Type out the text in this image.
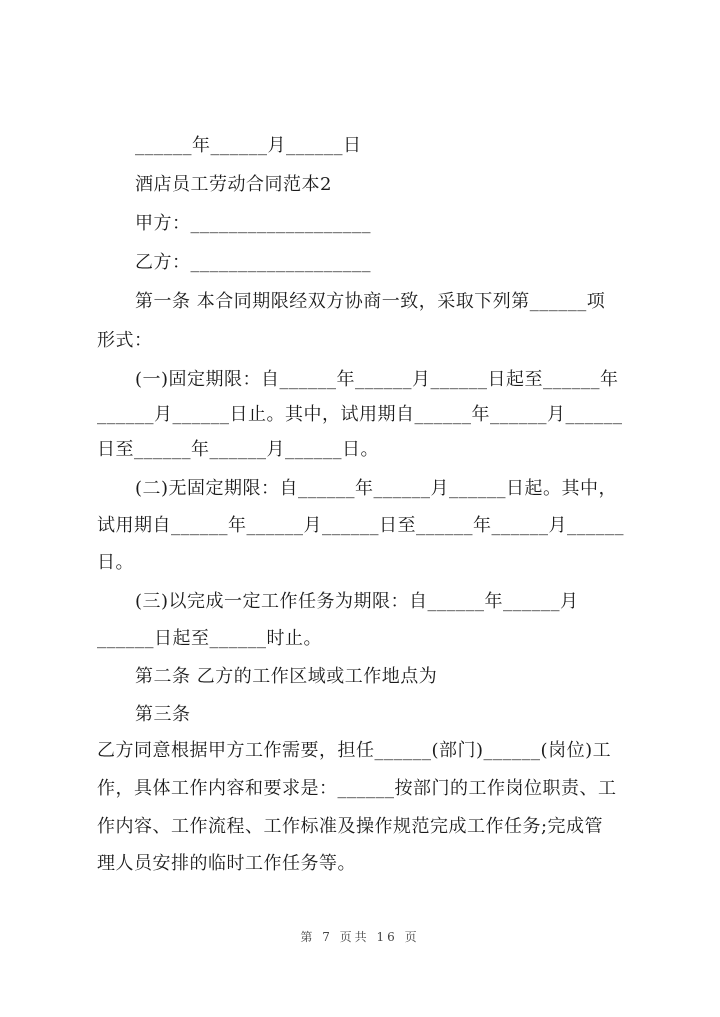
______年______月______日
酒店员工劳动合同范本2
甲方：___________________
乙方：___________________
第一条 本合同期限经双方协商一致，采取下列第______项
形式：
(一)固定期限：自______年______月______日起至______年
______月______日止。其中，试用期自______年______月______
日至______年______月______日。
(二)无固定期限：自______年______月______日起。其中，
试用期自______年______月______日至______年______月______
日。
(三)以完成一定工作任务为期限：自______年______月
______日起至______时止。
第二条 乙方的工作区域或工作地点为
第三条
乙方同意根据甲方工作需要，担任______(部门)______(岗位)工
作，具体工作内容和要求是：______按部门的工作岗位职责、工
作内容、工作流程、工作标准及操作规范完成工作任务;完成管
理人员安排的临时工作任务等。
第 7 页共 16 页
